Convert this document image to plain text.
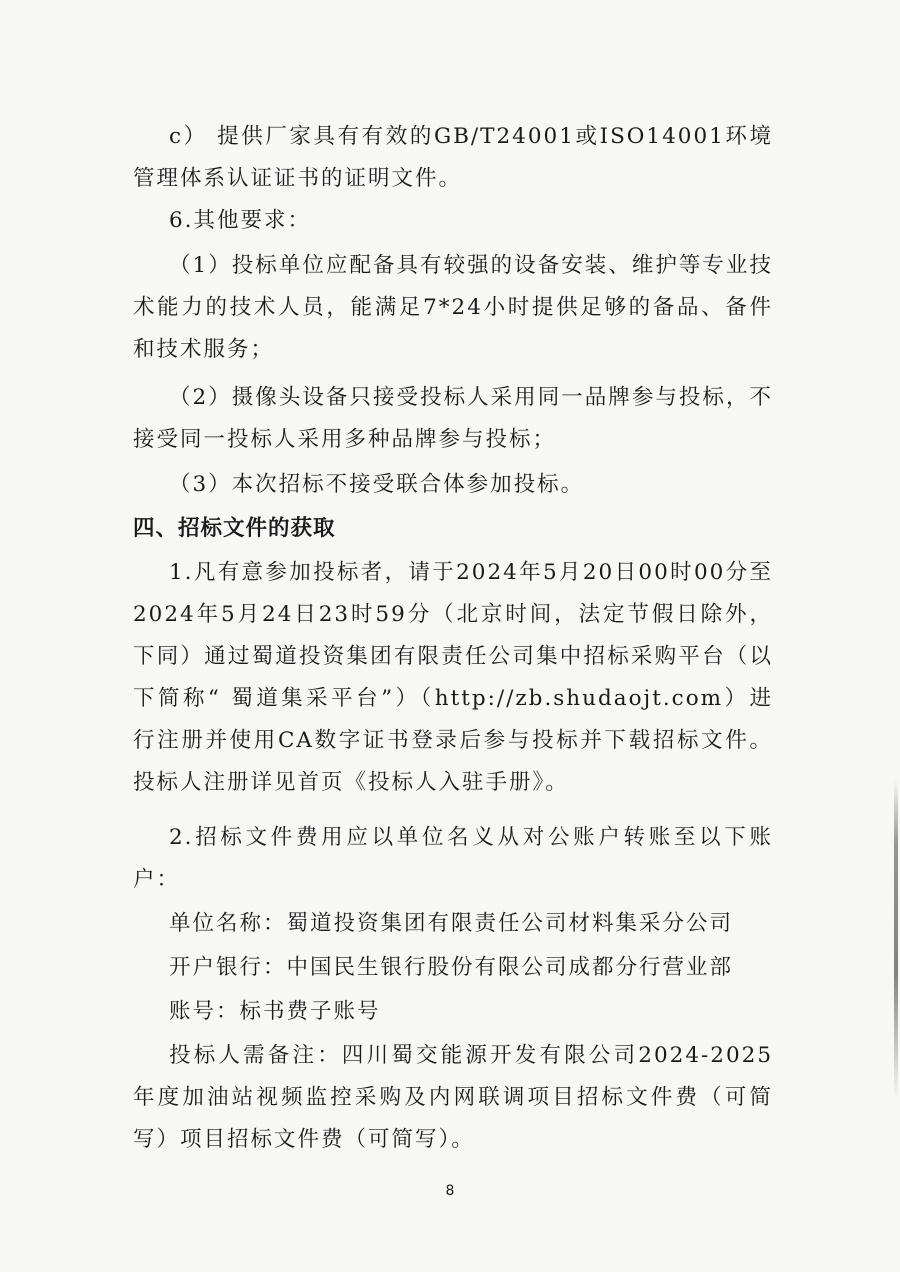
c） 提供厂家具有有效的GB/T24001或ISO14001环境管理体系认证证书的证明文件。

6.其他要求：

（1）投标单位应配备具有较强的设备安装、维护等专业技术能力的技术人员，能满足7*24小时提供足够的备品、备件和技术服务；

（2）摄像头设备只接受投标人采用同一品牌参与投标，不接受同一投标人采用多种品牌参与投标；

（3）本次招标不接受联合体参加投标。

四、招标文件的获取

1.凡有意参加投标者，请于2024年5月20日00时00分至2024年5月24日23时59分（北京时间，法定节假日除外，下同）通过蜀道投资集团有限责任公司集中招标采购平台（以下简称“ 蜀道集采平台”）（http://zb.shudaojt.com）进行注册并使用CA数字证书登录后参与投标并下载招标文件。投标人注册详见首页《投标人入驻手册》。

2.招标文件费用应以单位名义从对公账户转账至以下账户：

单位名称：蜀道投资集团有限责任公司材料集采分公司

开户银行：中国民生银行股份有限公司成都分行营业部

账号：标书费子账号

投标人需备注：四川蜀交能源开发有限公司2024-2025年度加油站视频监控采购及内网联调项目招标文件费（可简写）项目招标文件费（可简写）。

8
